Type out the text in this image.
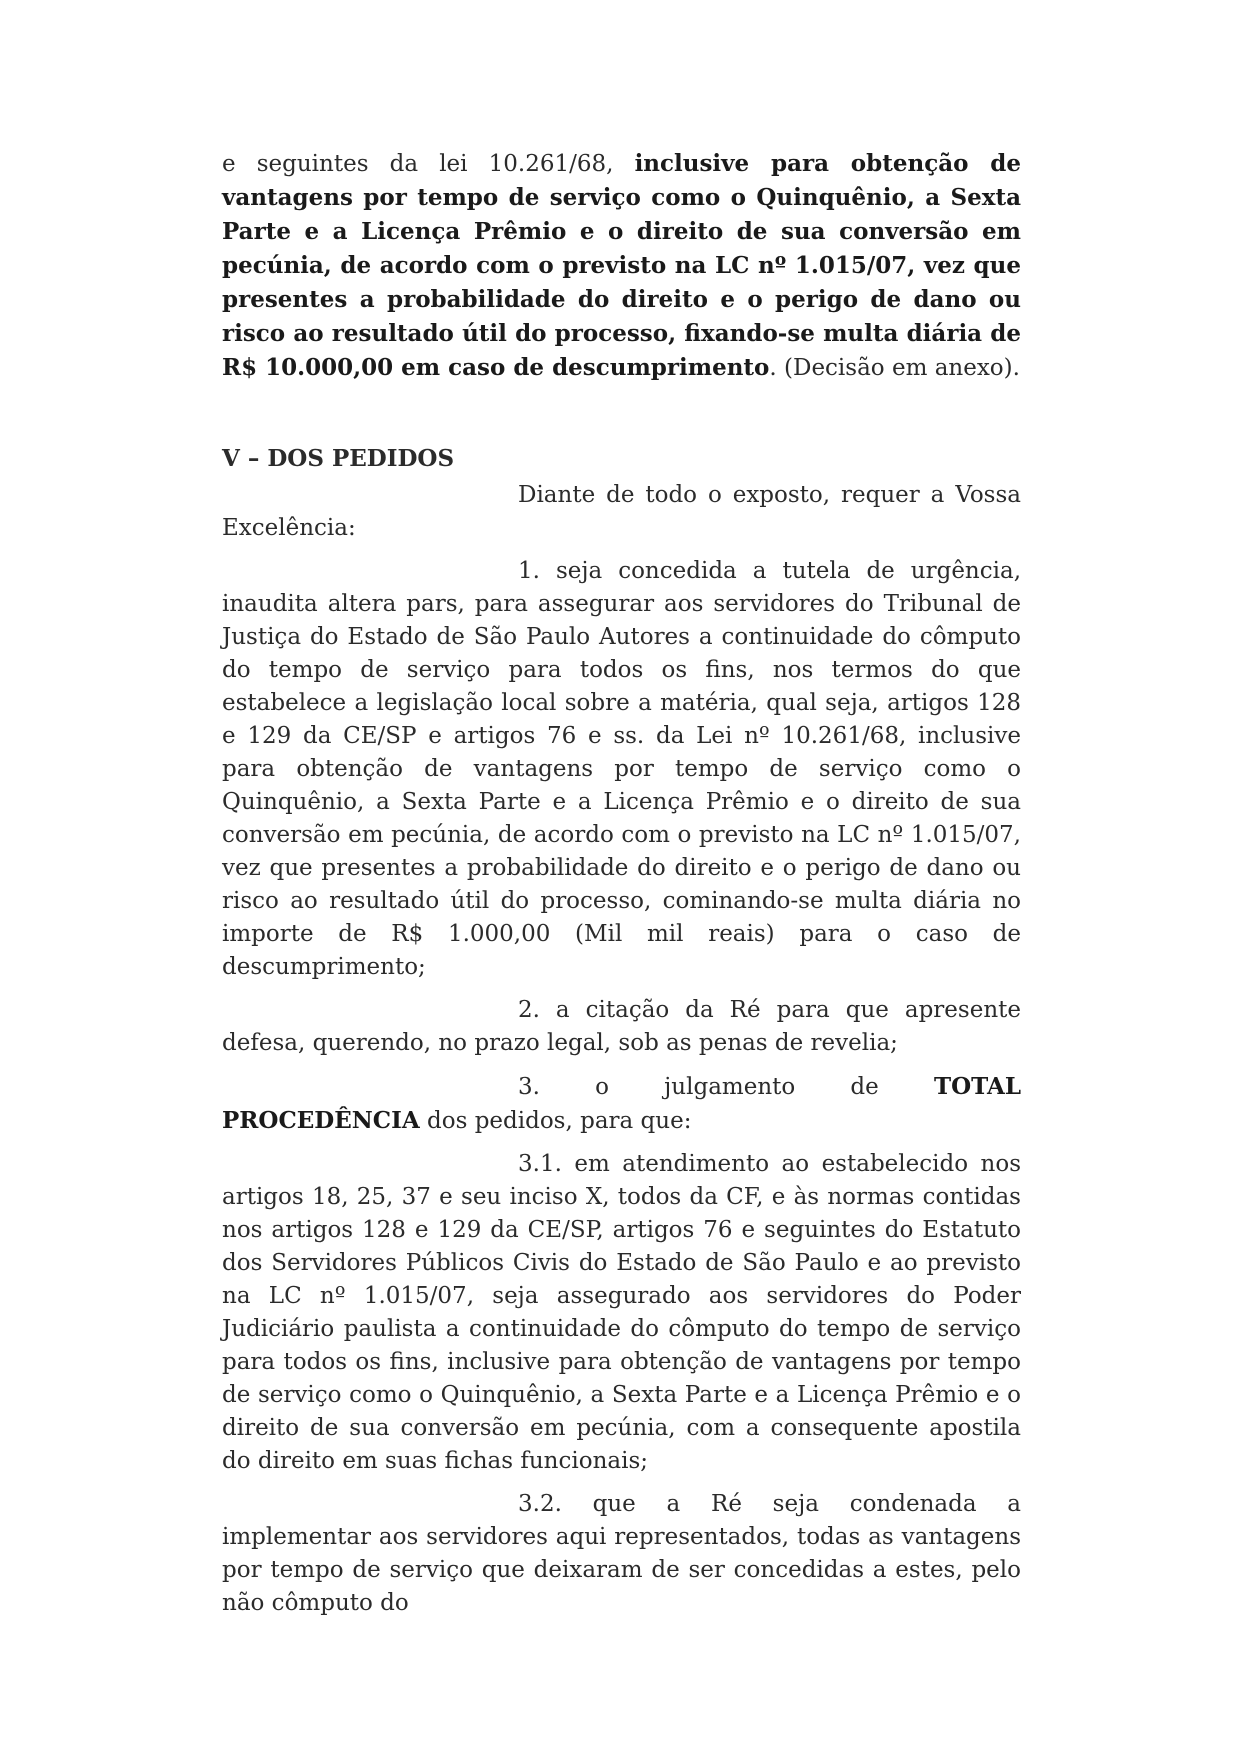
e seguintes da lei 10.261/68, inclusive para obtenção de vantagens por tempo de serviço como o Quinquênio, a Sexta Parte e a Licença Prêmio e o direito de sua conversão em pecúnia, de acordo com o previsto na LC nº 1.015/07, vez que presentes a probabilidade do direito e o perigo de dano ou risco ao resultado útil do processo, fixando-se multa diária de R$ 10.000,00 em caso de descumprimento. (Decisão em anexo).

V – DOS PEDIDOS

Diante de todo o exposto, requer a Vossa Excelência:

1. seja concedida a tutela de urgência, inaudita altera pars, para assegurar aos servidores do Tribunal de Justiça do Estado de São Paulo Autores a continuidade do cômputo do tempo de serviço para todos os fins, nos termos do que estabelece a legislação local sobre a matéria, qual seja, artigos 128 e 129 da CE/SP e artigos 76 e ss. da Lei nº 10.261/68, inclusive para obtenção de vantagens por tempo de serviço como o Quinquênio, a Sexta Parte e a Licença Prêmio e o direito de sua conversão em pecúnia, de acordo com o previsto na LC nº 1.015/07, vez que presentes a probabilidade do direito e o perigo de dano ou risco ao resultado útil do processo, cominando-se multa diária no importe de R$ 1.000,00 (Mil mil reais) para o caso de descumprimento;

2. a citação da Ré para que apresente defesa, querendo, no prazo legal, sob as penas de revelia;

3. o julgamento de TOTAL PROCEDÊNCIA dos pedidos, para que:

3.1. em atendimento ao estabelecido nos artigos 18, 25, 37 e seu inciso X, todos da CF, e às normas contidas nos artigos 128 e 129 da CE/SP, artigos 76 e seguintes do Estatuto dos Servidores Públicos Civis do Estado de São Paulo e ao previsto na LC nº 1.015/07, seja assegurado aos servidores do Poder Judiciário paulista a continuidade do cômputo do tempo de serviço para todos os fins, inclusive para obtenção de vantagens por tempo de serviço como o Quinquênio, a Sexta Parte e a Licença Prêmio e o direito de sua conversão em pecúnia, com a consequente apostila do direito em suas fichas funcionais;

3.2. que a Ré seja condenada a implementar aos servidores aqui representados, todas as vantagens por tempo de serviço que deixaram de ser concedidas a estes, pelo não cômputo do
